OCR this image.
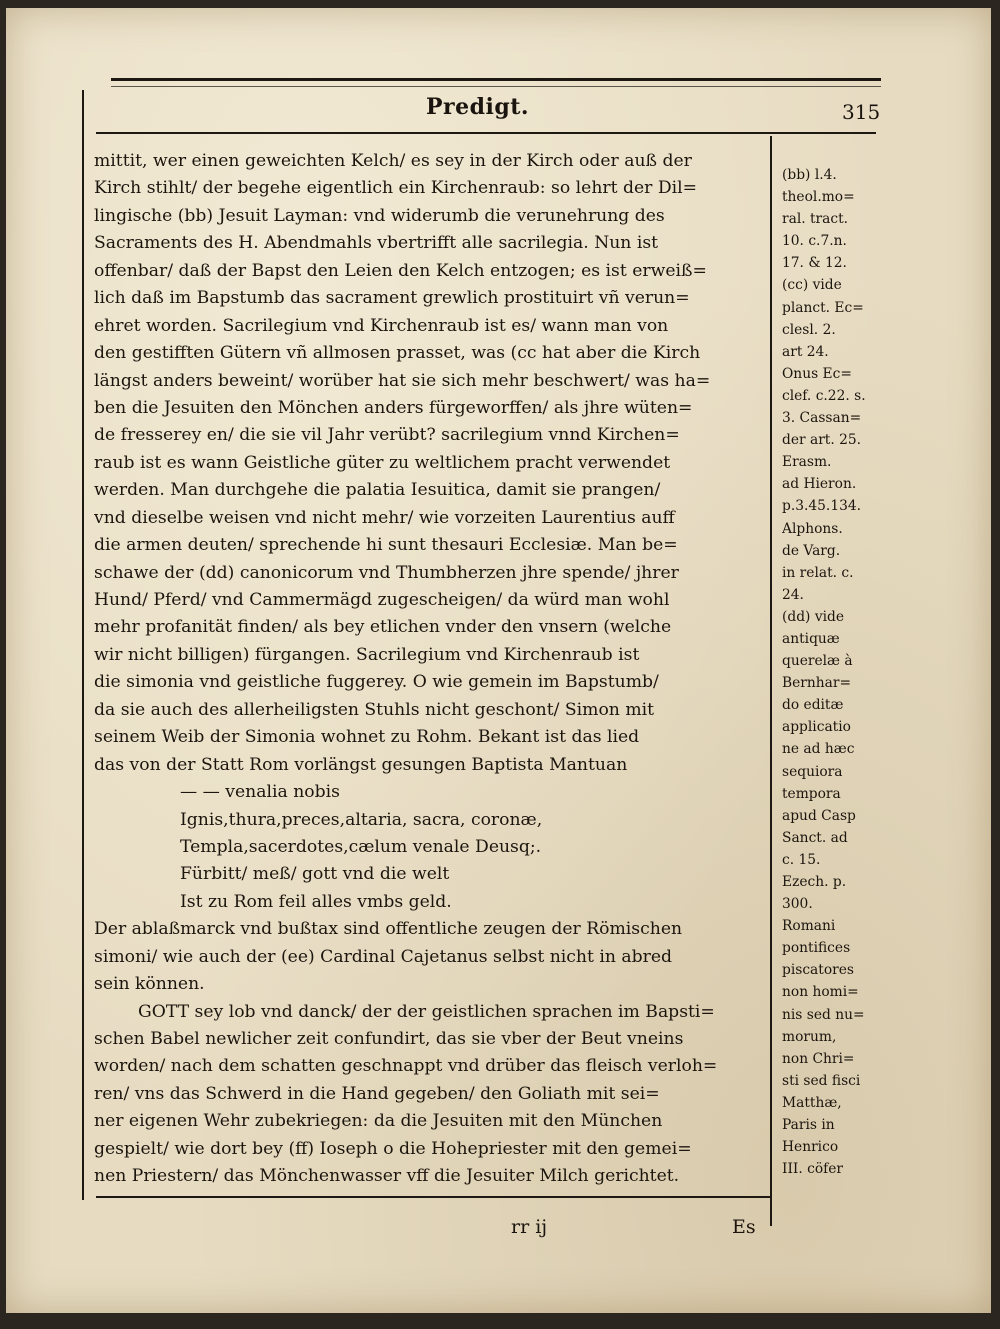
Predigt.	315
mittit, wer einen geweichten Kelch/ es sey in der Kirch oder auß der
Kirch stihlt/ der begehe eigentlich ein Kirchenraub: so lehrt der Dil=
lingische (bb) Jesuit Layman: vnd widerumb die verunehrung des
Sacraments des H. Abendmahls vbertrifft alle sacrilegia. Nun ist
offenbar/ daß der Bapst den Leien den Kelch entzogen; es ist erweiß=
lich daß im Bapstumb das sacrament grewlich prostituirt vñ verun=
ehret worden. Sacrilegium vnd Kirchenraub ist es/ wann man von
den gestifften Gütern vñ allmosen prasset, was (cc hat aber die Kirch
längst anders beweint/ worüber hat sie sich mehr beschwert/ was ha=
ben die Jesuiten den Mönchen anders fürgeworffen/ als jhre wüten=
de fresserey en/ die sie vil Jahr verübt? sacrilegium vnnd Kirchen=
raub ist es wann Geistliche güter zu weltlichem pracht verwendet
werden. Man durchgehe die palatia Iesuitica, damit sie prangen/
vnd dieselbe weisen vnd nicht mehr/ wie vorzeiten Laurentius auff
die armen deuten/ sprechende hi sunt thesauri Ecclesiæ. Man be=
schawe der (dd) canonicorum vnd Thumbherzen jhre spende/ jhrer
Hund/ Pferd/ vnd Cammermägd zugescheigen/ da würd man wohl
mehr profanität finden/ als bey etlichen vnder den vnsern (welche
wir nicht billigen) fürgangen. Sacrilegium vnd Kirchenraub ist
die simonia vnd geistliche fuggerey. O wie gemein im Bapstumb/
da sie auch des allerheiligsten Stuhls nicht geschont/ Simon mit
seinem Weib der Simonia wohnet zu Rohm. Bekant ist das lied
das von der Statt Rom vorlängst gesungen Baptista Mantuan
— — venalia nobis
Ignis,thura,preces,altaria, sacra, coronæ,
Templa,sacerdotes,cælum venale Deusq;.
Fürbitt/ meß/ gott vnd die welt
Ist zu Rom feil alles vmbs geld.
Der ablaßmarck vnd bußtax sind offentliche zeugen der Römischen
simoni/ wie auch der (ee) Cardinal Cajetanus selbst nicht in abred
sein können.
GOTT sey lob vnd danck/ der der geistlichen sprachen im Bapsti=
schen Babel newlicher zeit confundirt, das sie vber der Beut vneins
worden/ nach dem schatten geschnappt vnd drüber das fleisch verloh=
ren/ vns das Schwerd in die Hand gegeben/ den Goliath mit sei=
ner eigenen Wehr zubekriegen: da die Jesuiten mit den München
gespielt/ wie dort bey (ff) Ioseph o die Hohepriester mit den gemei=
nen Priestern/ das Mönchenwasser vff die Jesuiter Milch gerichtet.
(bb) l.4.
theol.mo=
ral. tract.
10. c.7.n.
17. & 12.
(cc) vide
planct. Ec=
clesl. 2.
art 24.
Onus Ec=
clef. c.22. s.
3. Cassan=
der art. 25.
Erasm.
ad Hieron.
p.3.45.134.
Alphons.
de Varg.
in relat. c.
24.
(dd) vide
antiquæ
querelæ à
Bernhar=
do editæ
applicatio
ne ad hæc
sequiora
tempora
apud Casp
Sanct. ad
c. 15.
Ezech. p.
300.
Romani
pontifices
piscatores
non homi=
nis sed nu=
morum,
non Chri=
sti sed fisci
Matthæ,
Paris in
Henrico
III. cöfer
rr ij	Es
